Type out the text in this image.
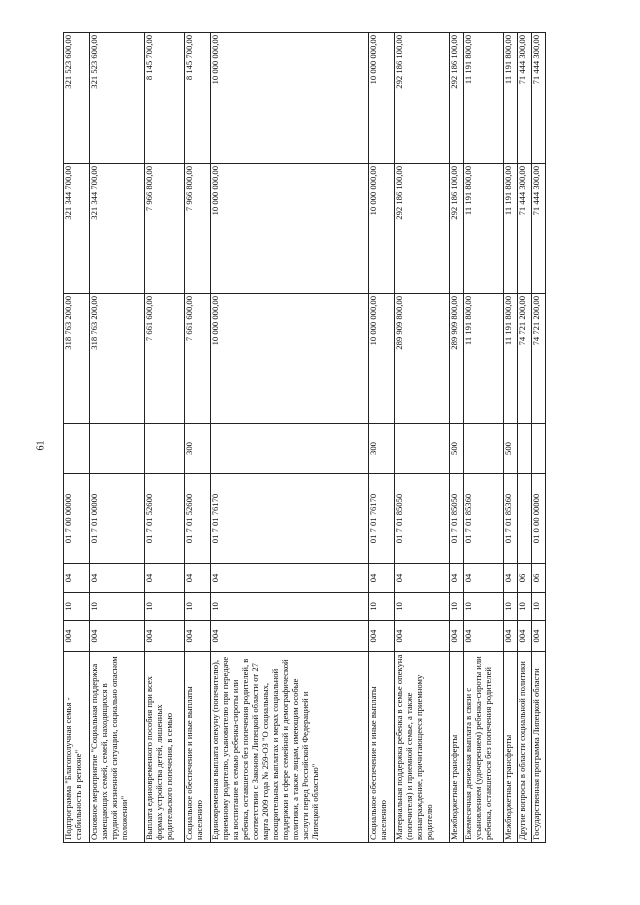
61
Подпрограмма "Благополучная семья - стабильность в регионе"	004	10	04	01 7 00 00000		318 763 200,00	321 344 700,00	321 523 600,00
Основное мероприятие "Социальная поддержка замещающих семей, семей, находящихся в трудной жизненной ситуации, социально опасном положении"	004	10	04	01 7 01 00000		318 763 200,00	321 344 700,00	321 523 600,00
Выплата единовременного пособия при всех формах устройства детей, лишенных родительского попечения, в семью	004	10	04	01 7 01 52600		7 661 600,00	7 966 800,00	8 145 700,00
Социальное обеспечение и иные выплаты населению	004	10	04	01 7 01 52600	300	7 661 600,00	7 966 800,00	8 145 700,00
Единовременная выплата опекуну (попечителю), приемному родителю, усыновителю при передаче на воспитание в семью ребенка-сироты или ребенка, оставшегося без попечения родителей, в соответствии с Законом Липецкой области от 27 марта 2009 года № 259-ОЗ "О социальных, поощрительных выплатах и мерах социальной поддержки в сфере семейной и демографической политики, а также лицам, имеющим особые заслуги перед Российской Федерацией и Липецкой областью"	004	10	04	01 7 01 76170		10 000 000,00	10 000 000,00	10 000 000,00
Социальное обеспечение и иные выплаты населению	004	10	04	01 7 01 76170	300	10 000 000,00	10 000 000,00	10 000 000,00
Материальная поддержка ребенка в семье опекуна (попечителя) и приемной семье, а также вознаграждение, причитающееся приемному родителю	004	10	04	01 7 01 85050		289 909 800,00	292 186 100,00	292 186 100,00
Межбюджетные трансферты	004	10	04	01 7 01 85050	500	289 909 800,00	292 186 100,00	292 186 100,00
Ежемесячная денежная выплата в связи с усыновлением (удочерением) ребенка-сироты или ребенка, оставшегося без попечения родителей	004	10	04	01 7 01 85360		11 191 800,00	11 191 800,00	11 191 800,00
Межбюджетные трансферты	004	10	04	01 7 01 85360	500	11 191 800,00	11 191 800,00	11 191 800,00
Другие вопросы в области социальной политики	004	10	06			74 721 200,00	71 444 300,00	71 444 300,00
Государственная программа Липецкой области	004	10	06	01 0 00 00000		74 721 200,00	71 444 300,00	71 444 300,00
